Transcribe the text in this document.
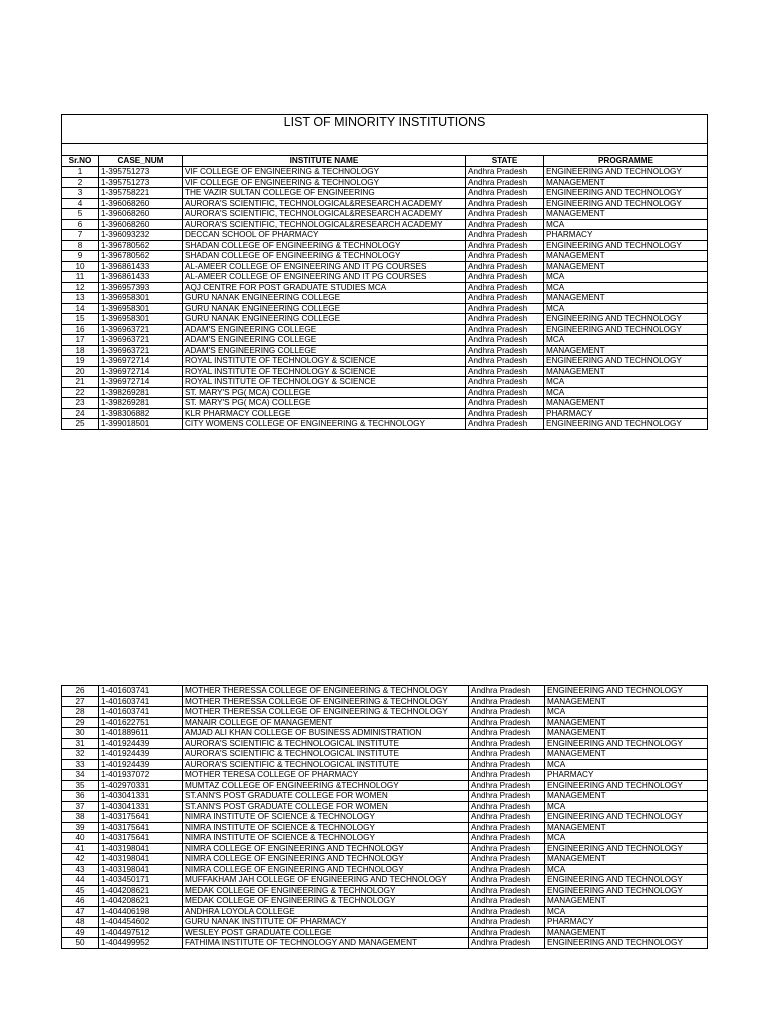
LIST OF MINORITY INSTITUTIONS				

Sr.NO	CASE_NUM	INSTITUTE NAME	STATE	PROGRAMME
1	1-395751273	VIF COLLEGE OF ENGINEERING & TECHNOLOGY	Andhra Pradesh	ENGINEERING AND TECHNOLOGY
2	1-395751273	VIF COLLEGE OF ENGINEERING & TECHNOLOGY	Andhra Pradesh	MANAGEMENT
3	1-395758221	THE VAZIR SULTAN COLLEGE OF ENGINEERING	Andhra Pradesh	ENGINEERING AND TECHNOLOGY
4	1-396068260	AURORA'S SCIENTIFIC, TECHNOLOGICAL&RESEARCH ACADEMY	Andhra Pradesh	ENGINEERING AND TECHNOLOGY
5	1-396068260	AURORA'S SCIENTIFIC, TECHNOLOGICAL&RESEARCH ACADEMY	Andhra Pradesh	MANAGEMENT
6	1-396068260	AURORA'S SCIENTIFIC, TECHNOLOGICAL&RESEARCH ACADEMY	Andhra Pradesh	MCA
7	1-396093232	DECCAN SCHOOL OF PHARMACY	Andhra Pradesh	PHARMACY
8	1-396780562	SHADAN COLLEGE OF ENGINEERING & TECHNOLOGY	Andhra Pradesh	ENGINEERING AND TECHNOLOGY
9	1-396780562	SHADAN COLLEGE OF ENGINEERING & TECHNOLOGY	Andhra Pradesh	MANAGEMENT
10	1-396861433	AL-AMEER COLLEGE OF ENGINEERING AND IT PG COURSES	Andhra Pradesh	MANAGEMENT
11	1-396861433	AL-AMEER COLLEGE OF ENGINEERING AND IT PG COURSES	Andhra Pradesh	MCA
12	1-396957393	AQJ CENTRE FOR POST GRADUATE STUDIES MCA	Andhra Pradesh	MCA
13	1-396958301	GURU NANAK ENGINEERING COLLEGE	Andhra Pradesh	MANAGEMENT
14	1-396958301	GURU NANAK ENGINEERING COLLEGE	Andhra Pradesh	MCA
15	1-396958301	GURU NANAK ENGINEERING COLLEGE	Andhra Pradesh	ENGINEERING AND TECHNOLOGY
16	1-396963721	ADAM'S ENGINEERING COLLEGE	Andhra Pradesh	ENGINEERING AND TECHNOLOGY
17	1-396963721	ADAM'S ENGINEERING COLLEGE	Andhra Pradesh	MCA
18	1-396963721	ADAM'S ENGINEERING COLLEGE	Andhra Pradesh	MANAGEMENT
19	1-396972714	ROYAL INSTITUTE OF TECHNOLOGY & SCIENCE	Andhra Pradesh	ENGINEERING AND TECHNOLOGY
20	1-396972714	ROYAL INSTITUTE OF TECHNOLOGY & SCIENCE	Andhra Pradesh	MANAGEMENT
21	1-396972714	ROYAL INSTITUTE OF TECHNOLOGY & SCIENCE	Andhra Pradesh	MCA
22	1-398269281	ST. MARY'S PG( MCA) COLLEGE	Andhra Pradesh	MCA
23	1-398269281	ST. MARY'S PG( MCA) COLLEGE	Andhra Pradesh	MANAGEMENT
24	1-398306882	KLR PHARMACY COLLEGE	Andhra Pradesh	PHARMACY
25	1-399018501	CITY WOMENS COLLEGE OF ENGINEERING & TECHNOLOGY	Andhra Pradesh	ENGINEERING AND TECHNOLOGY
26	1-401603741	MOTHER THERESSA COLLEGE OF ENGINEERING & TECHNOLOGY	Andhra Pradesh	ENGINEERING AND TECHNOLOGY
27	1-401603741	MOTHER THERESSA COLLEGE OF ENGINEERING & TECHNOLOGY	Andhra Pradesh	MANAGEMENT
28	1-401603741	MOTHER THERESSA COLLEGE OF ENGINEERING & TECHNOLOGY	Andhra Pradesh	MCA
29	1-401622751	MANAIR COLLEGE OF MANAGEMENT	Andhra Pradesh	MANAGEMENT
30	1-401889611	AMJAD ALI KHAN COLLEGE OF BUSINESS ADMINISTRATION	Andhra Pradesh	MANAGEMENT
31	1-401924439	AURORA'S SCIENTIFIC & TECHNOLOGICAL INSTITUTE	Andhra Pradesh	ENGINEERING AND TECHNOLOGY
32	1-401924439	AURORA'S SCIENTIFIC & TECHNOLOGICAL INSTITUTE	Andhra Pradesh	MANAGEMENT
33	1-401924439	AURORA'S SCIENTIFIC & TECHNOLOGICAL INSTITUTE	Andhra Pradesh	MCA
34	1-401937072	MOTHER TERESA COLLEGE OF PHARMACY	Andhra Pradesh	PHARMACY
35	1-402970331	MUMTAZ COLLEGE OF ENGINEERING &TECHNOLOGY	Andhra Pradesh	ENGINEERING AND TECHNOLOGY
36	1-403041331	ST.ANN'S POST GRADUATE COLLEGE FOR WOMEN	Andhra Pradesh	MANAGEMENT
37	1-403041331	ST.ANN'S POST GRADUATE COLLEGE FOR WOMEN	Andhra Pradesh	MCA
38	1-403175641	NIMRA INSTITUTE OF SCIENCE & TECHNOLOGY	Andhra Pradesh	ENGINEERING AND TECHNOLOGY
39	1-403175641	NIMRA INSTITUTE OF SCIENCE & TECHNOLOGY	Andhra Pradesh	MANAGEMENT
40	1-403175641	NIMRA INSTITUTE OF SCIENCE & TECHNOLOGY	Andhra Pradesh	MCA
41	1-403198041	NIMRA COLLEGE OF ENGINEERING AND TECHNOLOGY	Andhra Pradesh	ENGINEERING AND TECHNOLOGY
42	1-403198041	NIMRA COLLEGE OF ENGINEERING AND TECHNOLOGY	Andhra Pradesh	MANAGEMENT
43	1-403198041	NIMRA COLLEGE OF ENGINEERING AND TECHNOLOGY	Andhra Pradesh	MCA
44	1-403450171	MUFFAKHAM JAH COLLEGE OF ENGINEERING AND TECHNOLOGY	Andhra Pradesh	ENGINEERING AND TECHNOLOGY
45	1-404208621	MEDAK COLLEGE OF ENGINEERING & TECHNOLOGY	Andhra Pradesh	ENGINEERING AND TECHNOLOGY
46	1-404208621	MEDAK COLLEGE OF ENGINEERING & TECHNOLOGY	Andhra Pradesh	MANAGEMENT
47	1-404406198	ANDHRA LOYOLA COLLEGE	Andhra Pradesh	MCA
48	1-404454602	GURU NANAK INSTITUTE OF PHARMACY	Andhra Pradesh	PHARMACY
49	1-404497512	WESLEY POST GRADUATE COLLEGE	Andhra Pradesh	MANAGEMENT
50	1-404499952	FATHIMA INSTITUTE OF TECHNOLOGY AND MANAGEMENT	Andhra Pradesh	ENGINEERING AND TECHNOLOGY
